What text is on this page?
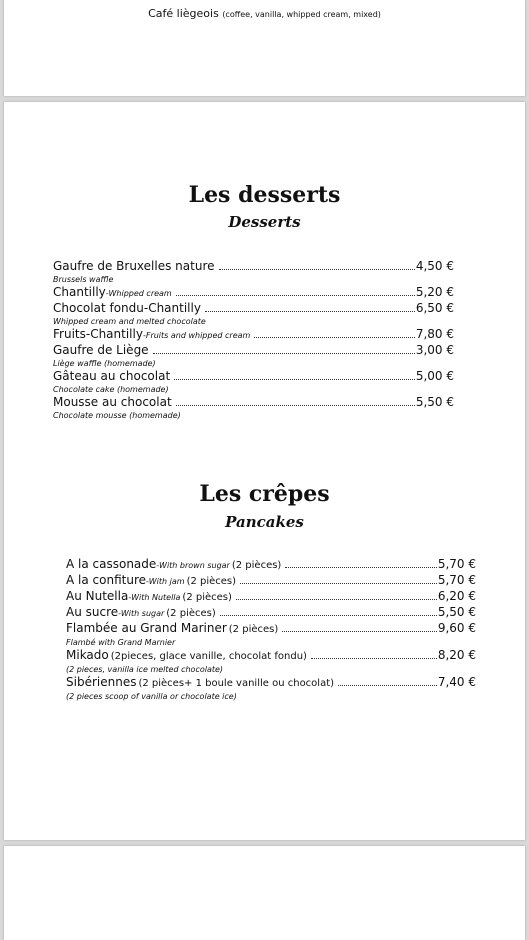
Café liègeois (coffee, vanilla, whipped cream, mixed)
Les desserts
Desserts
Gaufre de Bruxelles nature	4,50 €
Brussels waffle
Chantilly-Whipped cream	5,20 €
Chocolat fondu-Chantilly	6,50 €
Whipped cream and melted chocolate
Fruits-Chantilly-Fruits and whipped cream	7,80 €
Gaufre de Liège	3,00 €
Liège waffle (homemade)
Gâteau au chocolat	5,00 €
Chocolate cake (homemade)
Mousse au chocolat	5,50 €
Chocolate mousse (homemade)
Les crêpes
Pancakes
A la cassonade-With brown sugar (2 pièces)	5,70 €
A la confiture-With jam (2 pièces)	5,70 €
Au Nutella-With Nutella (2 pièces)	6,20 €
Au sucre-With sugar (2 pièces)	5,50 €
Flambée au Grand Mariner (2 pièces)	9,60 €
Flambé with Grand Marnier
Mikado (2pieces, glace vanille, chocolat fondu)	8,20 €
(2 pieces, vanilla ice melted chocolate)
Sibériennes (2 pièces+ 1 boule vanille ou chocolat)	7,40 €
(2 pieces scoop of vanilla or chocolate ice)
